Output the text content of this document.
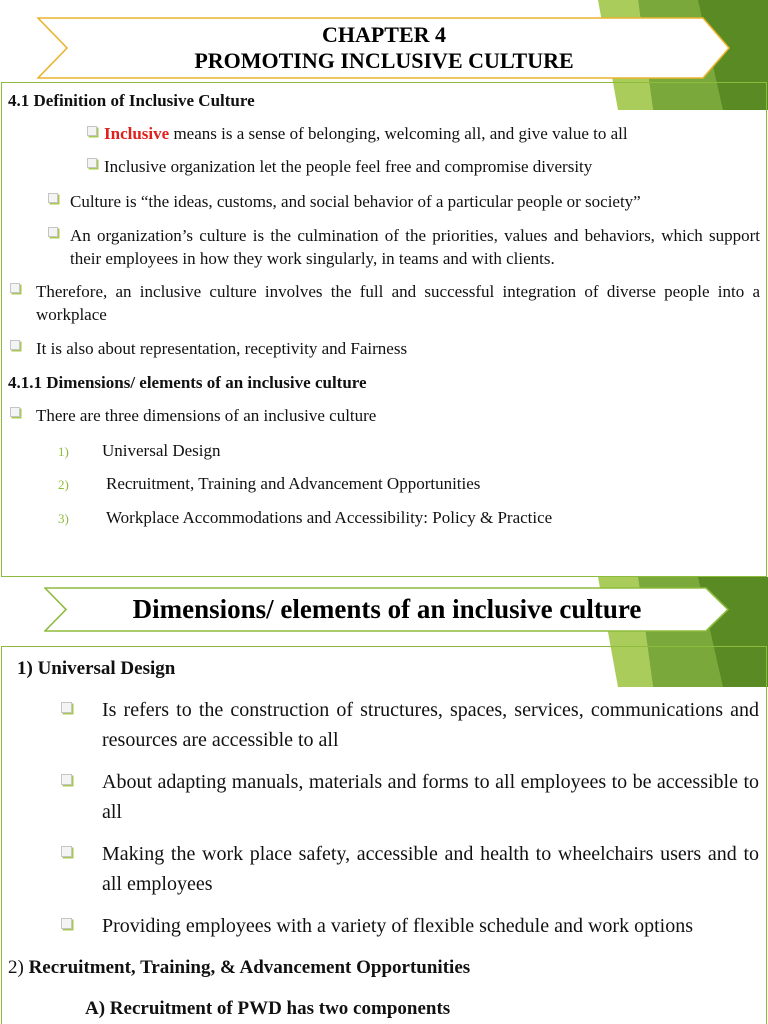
CHAPTER 4
PROMOTING INCLUSIVE CULTURE
4.1 Definition of Inclusive Culture
Inclusive means is a sense of belonging, welcoming all, and give value to all
Inclusive organization let the people feel free and compromise diversity
Culture is “the ideas, customs, and social behavior of a particular people or society”
An organization’s culture is the culmination of the priorities, values and behaviors, which support their employees in how they work singularly, in teams and with clients.
Therefore, an inclusive culture involves the full and successful integration of diverse people into a workplace
It is also about representation, receptivity and Fairness
4.1.1 Dimensions/ elements of an inclusive culture
There are three dimensions of an inclusive culture
1) Universal Design
2) Recruitment, Training and Advancement Opportunities
3) Workplace Accommodations and Accessibility: Policy & Practice
Dimensions/ elements of an inclusive culture
1) Universal Design
Is refers to the construction of structures, spaces, services, communications and resources are accessible to all
About adapting manuals, materials and forms to all employees to be accessible to all
Making the work place safety, accessible and health to wheelchairs users and to all employees
Providing employees with a variety of flexible schedule and work options
2) Recruitment, Training, & Advancement Opportunities
A) Recruitment of PWD has two components
